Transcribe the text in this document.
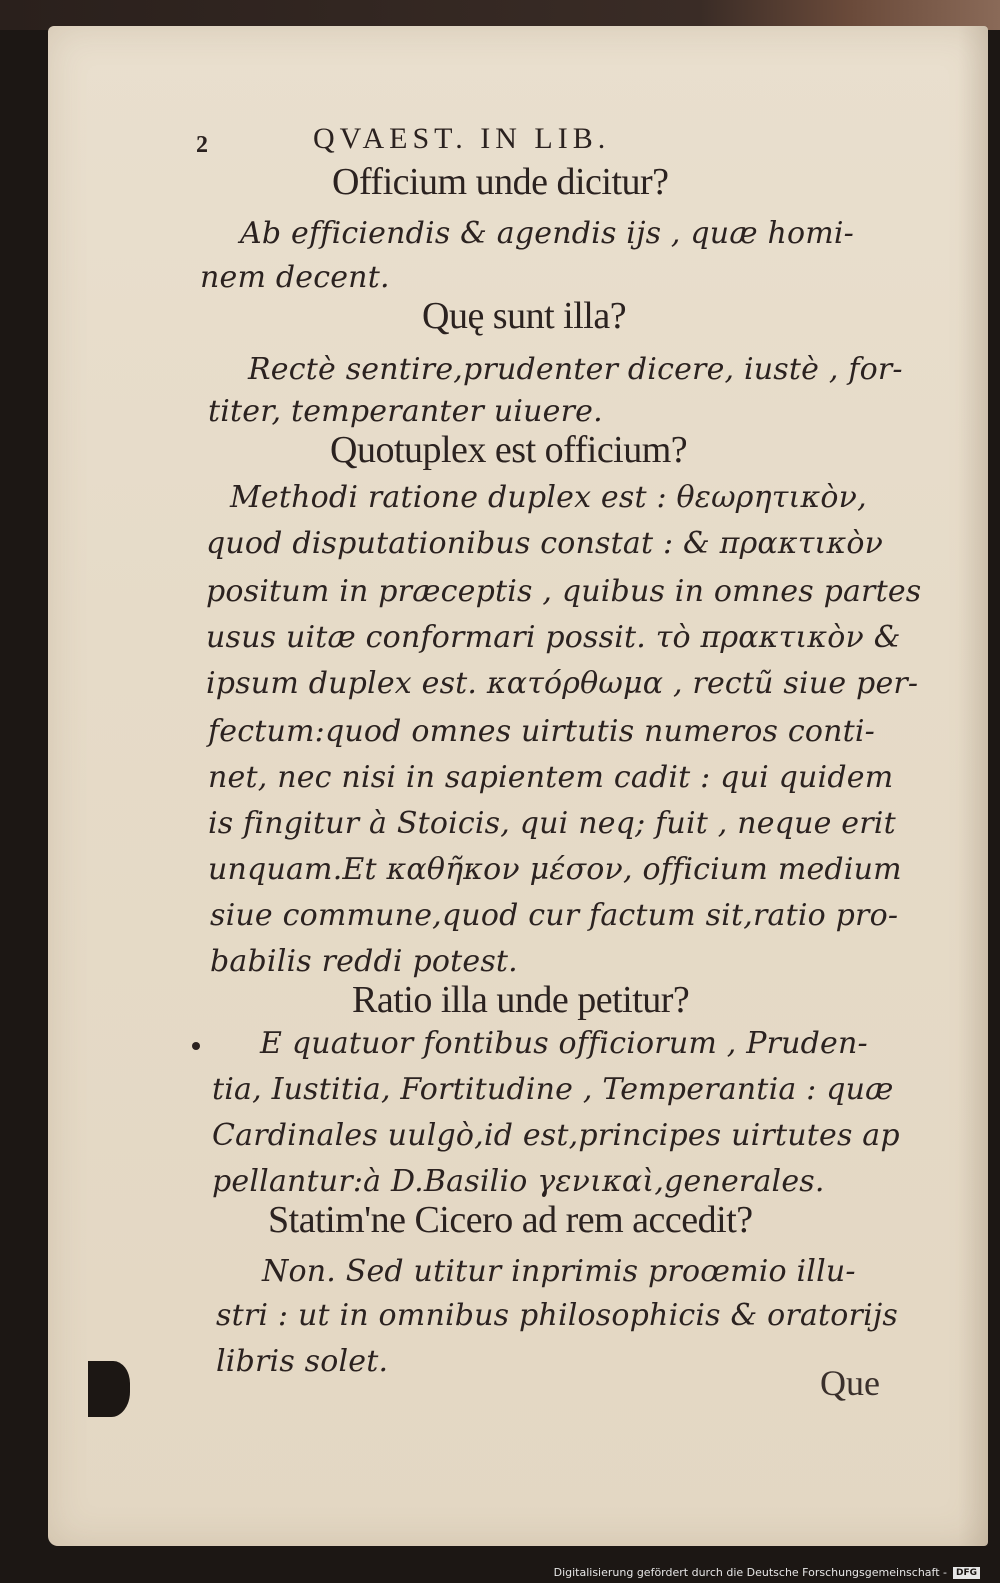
2	QVAEST. IN LIB.
Officium unde dicitur?
Ab efficiendis & agendis ijs , quæ homi-
nem decent.
Quę sunt illa?
Rectè sentire,prudenter dicere, iustè , for-
titer, temperanter uiuere.
Quotuplex est officium?
Methodi ratione duplex est : θεωρητικὸν,
quod disputationibus constat : & πρακτικὸν
positum in præceptis , quibus in omnes partes
usus uitæ conformari possit. τὸ πρακτικὸν &
ipsum duplex est. κατόρθωμα , rectũ siue per-
fectum:quod omnes uirtutis numeros conti-
net, nec nisi in sapientem cadit : qui quidem
is fingitur à Stoicis, qui neq; fuit , neque erit
unquam.Et καθῆκον μέσον, officium medium
siue commune,quod cur factum sit,ratio pro-
babilis reddi potest.
Ratio illa unde petitur?
E quatuor fontibus officiorum , Pruden-
tia, Iustitia, Fortitudine , Temperantia : quæ
Cardinales uulgò,id est,principes uirtutes ap
pellantur:à D.Basilio γενικαὶ,generales.
Statim'ne Cicero ad rem accedit?
Non. Sed utitur inprimis proœmio illu-
stri : ut in omnibus philosophicis & oratorijs
libris solet.
Que
Digitalisierung gefördert durch die Deutsche Forschungsgemeinschaft -	DFG
